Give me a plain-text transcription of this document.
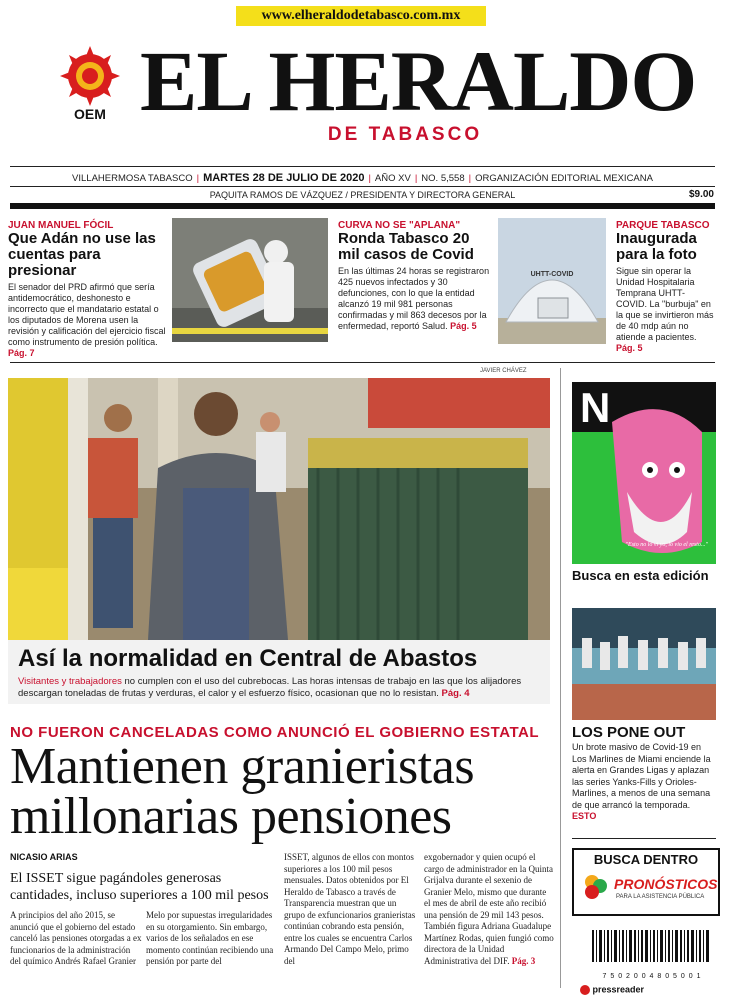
www.elheraldodetabasco.com.mx
OEM EL HERALDO
DE TABASCO
VILLAHERMOSA TABASCO | MARTES 28 DE JULIO DE 2020 | AÑO XV | NO. 5,558 | ORGANIZACIÓN EDITORIAL MEXICANA
PAQUITA RAMOS DE VÁZQUEZ / PRESIDENTA Y DIRECTORA GENERAL	$9.00
JUAN MANUEL FÓCIL
Que Adán no use las cuentas para presionar
El senador del PRD afirmó que sería antidemocrático, deshonesto e incorrecto que el mandatario estatal o los diputados de Morena usen la revisión y calificación del ejercicio fiscal como instrumento de presión política. Pág. 7
CURVA NO SE "APLANA"
Ronda Tabasco 20 mil casos de Covid
En las últimas 24 horas se registraron 425 nuevos infectados y 30 defunciones, con lo que la entidad alcanzó 19 mil 981 personas confirmadas y mil 863 decesos por la enfermedad, reportó Salud. Pág. 5
UHTT-COVID
PARQUE TABASCO
Inaugurada para la foto
Sigue sin operar la Unidad Hospitalaria Temprana UHTT-COVID. La "burbuja" en la que se invirtieron más de 40 mdp aún no atiende a pacientes. Pág. 5
JAVIER CHÁVEZ
Así la normalidad en Central de Abastos
Visitantes y trabajadores no cumplen con el uso del cubrebocas. Las horas intensas de trabajo en las que los alijadores descargan toneladas de frutas y verduras, el calor y el esfuerzo físico, ocasionan que no lo resistan. Pág. 4
NO FUERON CANCELADAS COMO ANUNCIÓ EL GOBIERNO ESTATAL
Mantienen granieristas
millonarias pensiones
NICASIO ARIAS
El ISSET sigue pagándoles generosas cantidades, incluso superiores a 100 mil pesos
A principios del año 2015, se anunció que el gobierno del estado canceló las pensiones otorgadas a ex funcionarios de la administración del químico Andrés Rafael Granier
Melo por supuestas irregularidades en su otorgamiento. Sin embargo, varios de los señalados en ese momento continúan recibiendo una pensión por parte del
ISSET, algunos de ellos con montos superiores a los 100 mil pesos mensuales. Datos obtenidos por El Heraldo de Tabasco a través de Transparencia muestran que un grupo de exfuncionarios granieristas continúan cobrando esta pensión, entre los cuales se encuentra Carlos Armando Del Campo Melo, primo del
exgobernador y quien ocupó el cargo de administrador en la Quinta Grijalva durante el sexenio de Granier Melo, mismo que durante el mes de abril de este año recibió una pensión de 29 mil 143 pesos. También figura Adriana Guadalupe Martínez Rodas, quien fungió como directora de la Unidad Administrativa del DIF. Pág. 3
N
"Esto no lo vi yo, lo vio el resto..."
Busca en esta edición
LOS PONE OUT
Un brote masivo de Covid-19 en Los Marlines de Miami enciende la alerta en Grandes Ligas y aplazan las series Yanks-Fills y Orioles-Marlines, a menos de una semana de que arrancó la temporada. ESTO
BUSCA DENTRO
PRONÓSTICOS
PARA LA ASISTENCIA PÚBLICA
7 5 0 2 0 0 4 8 0 5 0 0 1
pressreader
